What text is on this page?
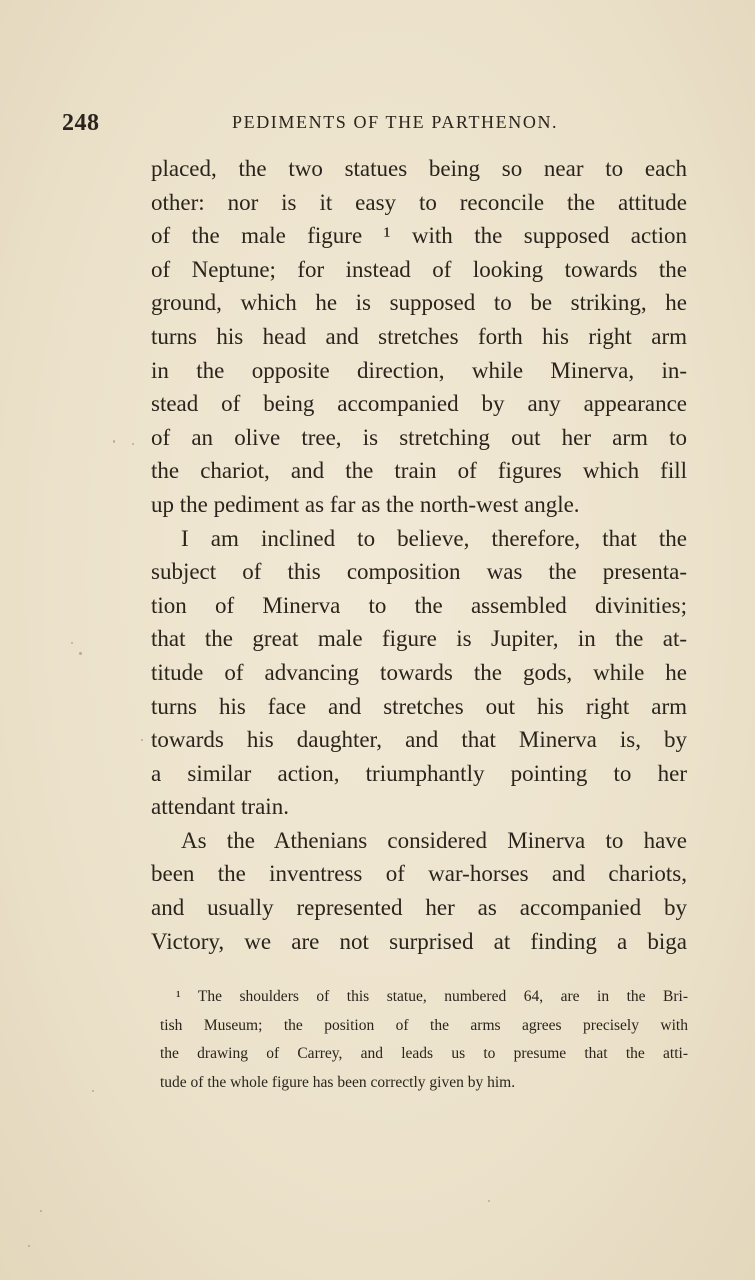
248	PEDIMENTS OF THE PARTHENON.
placed, the two statues being so near to each
other: nor is it easy to reconcile the attitude
of the male figure ¹ with the supposed action
of Neptune; for instead of looking towards the
ground, which he is supposed to be striking, he
turns his head and stretches forth his right arm
in the opposite direction, while Minerva, in-
stead of being accompanied by any appearance
of an olive tree, is stretching out her arm to
the chariot, and the train of figures which fill
up the pediment as far as the north-west angle.
I am inclined to believe, therefore, that the
subject of this composition was the presenta-
tion of Minerva to the assembled divinities;
that the great male figure is Jupiter, in the at-
titude of advancing towards the gods, while he
turns his face and stretches out his right arm
towards his daughter, and that Minerva is, by
a similar action, triumphantly pointing to her
attendant train.
As the Athenians considered Minerva to have
been the inventress of war-horses and chariots,
and usually represented her as accompanied by
Victory, we are not surprised at finding a biga
¹ The shoulders of this statue, numbered 64, are in the Bri-
tish Museum; the position of the arms agrees precisely with
the drawing of Carrey, and leads us to presume that the atti-
tude of the whole figure has been correctly given by him.
